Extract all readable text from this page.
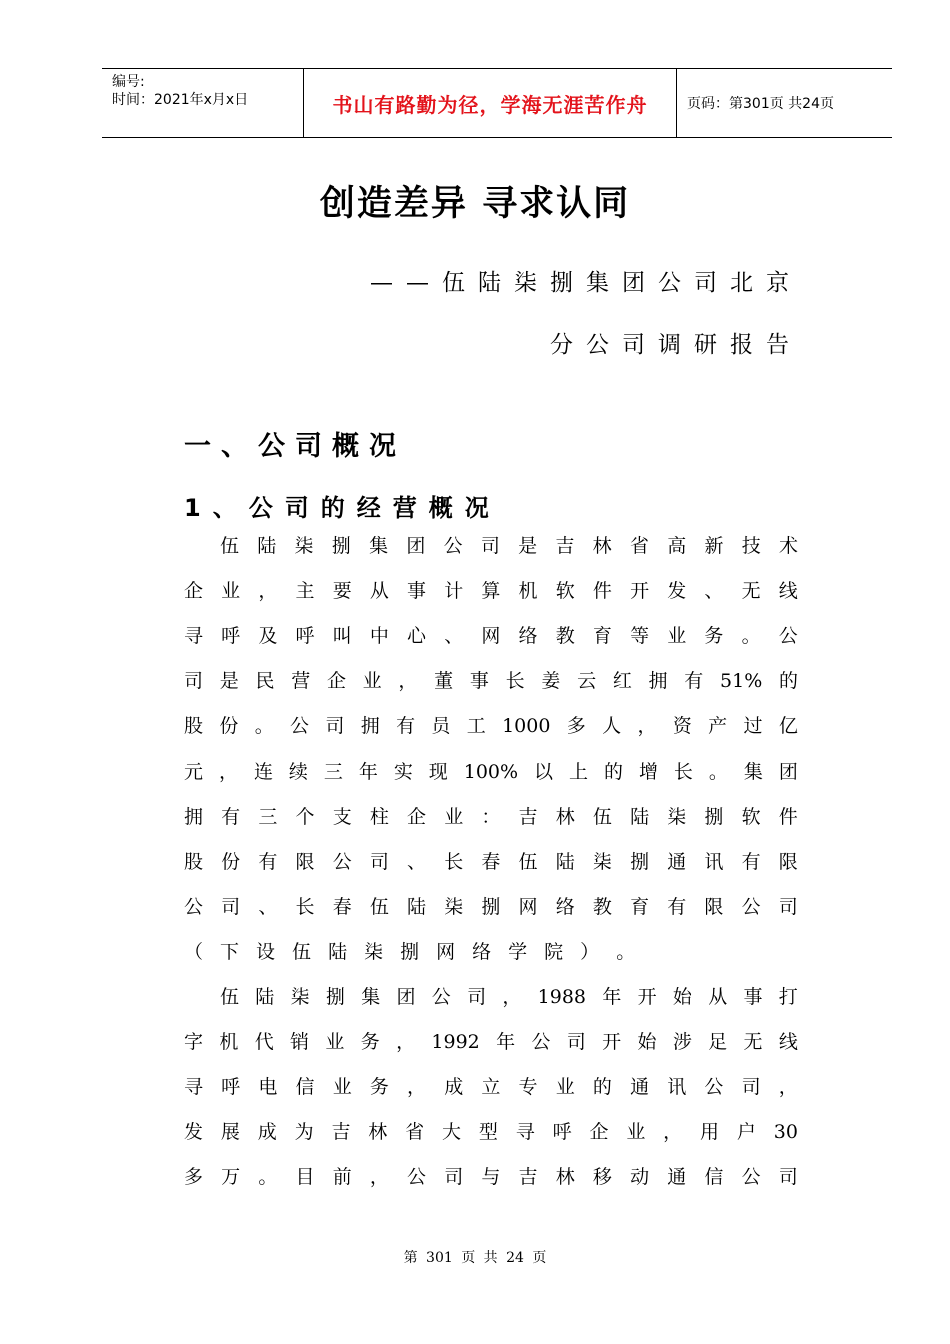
编号:
时间：2021年x月x日	书山有路勤为径，学海无涯苦作舟	页码：第301页 共24页
创造差异 寻求认同
——伍陆柒捌集团公司北京
分公司调研报告
一、公司概况
1、公司的经营概况
伍 陆 柒 捌 集 团 公 司 是 吉 林 省 高 新 技 术
企 业 ， 主 要 从 事 计 算 机 软 件 开 发 、 无 线
寻 呼 及 呼 叫 中 心 、 网 络 教 育 等 业 务 。 公
司 是 民 营 企 业 ， 董 事 长 姜 云 红 拥 有 51% 的
股 份 。 公 司 拥 有 员 工 1000 多 人 ， 资 产 过 亿
元 ， 连 续 三 年 实 现 100% 以 上 的 增 长 。 集 团
拥 有 三 个 支 柱 企 业 ： 吉 林 伍 陆 柒 捌 软 件
股 份 有 限 公 司 、 长 春 伍 陆 柒 捌 通 讯 有 限
公 司 、 长 春 伍 陆 柒 捌 网 络 教 育 有 限 公 司
（ 下 设 伍 陆 柒 捌 网 络 学 院 ） 。
伍 陆 柒 捌 集 团 公 司 ， 1988 年 开 始 从 事 打
字 机 代 销 业 务 ， 1992 年 公 司 开 始 涉 足 无 线
寻 呼 电 信 业 务 ， 成 立 专 业 的 通 讯 公 司 ，
发 展 成 为 吉 林 省 大 型 寻 呼 企 业 ， 用 户 30
多 万 。 目 前 ， 公 司 与 吉 林 移 动 通 信 公 司
第 301 页 共 24 页
